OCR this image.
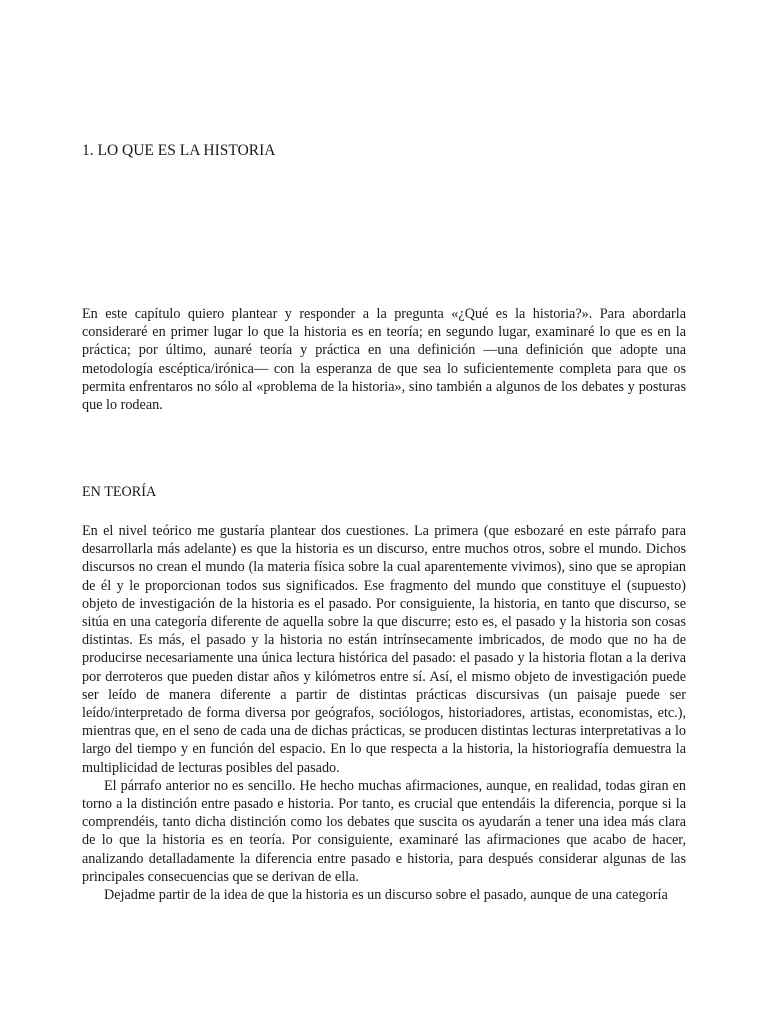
1. LO QUE ES LA HISTORIA

En este capítulo quiero plantear y responder a la pregunta «¿Qué es la historia?». Para abordarla consideraré en primer lugar lo que la historia es en teoría; en segundo lugar, examinaré lo que es en la práctica; por último, aunaré teoría y práctica en una definición —una definición que adopte una metodología escéptica/irónica— con la esperanza de que sea lo suficientemente completa para que os permita enfrentaros no sólo al «problema de la historia», sino también a algunos de los debates y posturas que lo rodean.

EN TEORÍA

En el nivel teórico me gustaría plantear dos cuestiones. La primera (que esbozaré en este párrafo para desarrollarla más adelante) es que la historia es un discurso, entre muchos otros, sobre el mundo. Dichos discursos no crean el mundo (la materia física sobre la cual aparentemente vivimos), sino que se apropian de él y le proporcionan todos sus significados. Ese fragmento del mundo que constituye el (supuesto) objeto de investigación de la historia es el pasado. Por consiguiente, la historia, en tanto que discurso, se sitúa en una categoría diferente de aquella sobre la que discurre; esto es, el pasado y la historia son cosas distintas. Es más, el pasado y la historia no están intrínsecamente imbricados, de modo que no ha de producirse necesariamente una única lectura histórica del pasado: el pasado y la historia flotan a la deriva por derroteros que pueden distar años y kilómetros entre sí. Así, el mismo objeto de investigación puede ser leído de manera diferente a partir de distintas prácticas discursivas (un paisaje puede ser leído/interpretado de forma diversa por geógrafos, sociólogos, historiadores, artistas, economistas, etc.), mientras que, en el seno de cada una de dichas prácticas, se producen distintas lecturas interpretativas a lo largo del tiempo y en función del espacio. En lo que respecta a la historia, la historiografía demuestra la multiplicidad de lecturas posibles del pasado.

El párrafo anterior no es sencillo. He hecho muchas afirmaciones, aunque, en realidad, todas giran en torno a la distinción entre pasado e historia. Por tanto, es crucial que entendáis la diferencia, porque si la comprendéis, tanto dicha distinción como los debates que suscita os ayudarán a tener una idea más clara de lo que la historia es en teoría. Por consiguiente, examinaré las afirmaciones que acabo de hacer, analizando detalladamente la diferencia entre pasado e historia, para después considerar algunas de las principales consecuencias que se derivan de ella.

Dejadme partir de la idea de que la historia es un discurso sobre el pasado, aunque de una categoría
